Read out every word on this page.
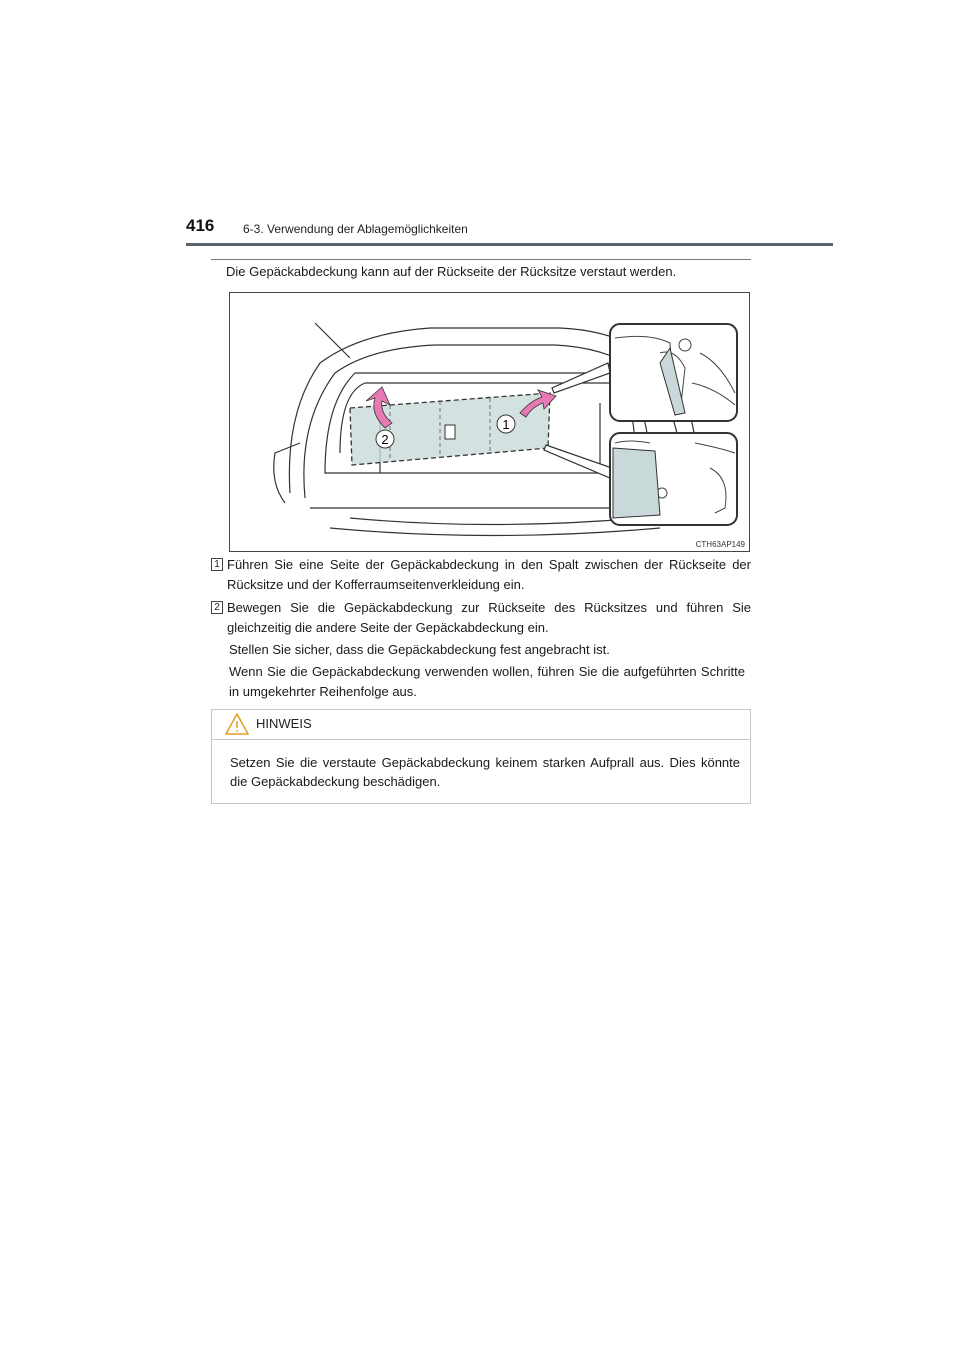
416 6-3. Verwendung der Ablagemöglichkeiten
Die Gepäckabdeckung kann auf der Rückseite der Rücksitze verstaut werden.
1
2
CTH63AP149
1 Führen Sie eine Seite der Gepäckabdeckung in den Spalt zwischen der Rückseite der Rücksitze und der Kofferraumseitenverkleidung ein.
2 Bewegen Sie die Gepäckabdeckung zur Rückseite des Rücksitzes und führen Sie gleichzeitig die andere Seite der Gepäckabdeckung ein.
Stellen Sie sicher, dass die Gepäckabdeckung fest angebracht ist.
Wenn Sie die Gepäckabdeckung verwenden wollen, führen Sie die aufgeführten Schritte in umgekehrter Reihenfolge aus.
HINWEIS
Setzen Sie die verstaute Gepäckabdeckung keinem starken Aufprall aus. Dies könnte die Gepäckabdeckung beschädigen.
